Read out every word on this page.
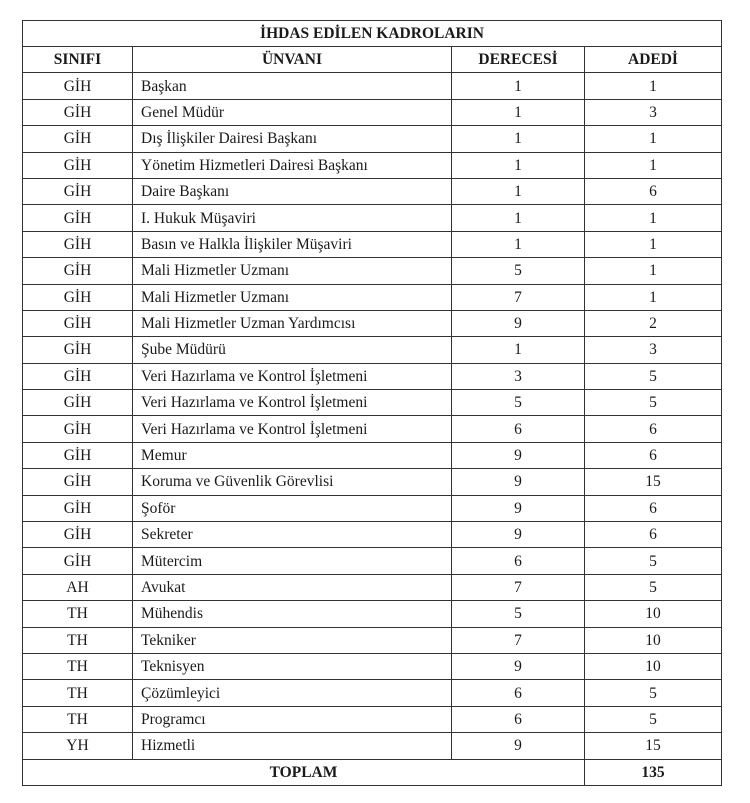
İHDAS EDİLEN KADROLARIN			
SINIFI	ÜNVANI	DERECESİ	ADEDİ
GİH	Başkan	1	1
GİH	Genel Müdür	1	3
GİH	Dış İlişkiler Dairesi Başkanı	1	1
GİH	Yönetim Hizmetleri Dairesi Başkanı	1	1
GİH	Daire Başkanı	1	6
GİH	I. Hukuk Müşaviri	1	1
GİH	Basın ve Halkla İlişkiler Müşaviri	1	1
GİH	Mali Hizmetler Uzmanı	5	1
GİH	Mali Hizmetler Uzmanı	7	1
GİH	Mali Hizmetler Uzman Yardımcısı	9	2
GİH	Şube Müdürü	1	3
GİH	Veri Hazırlama ve Kontrol İşletmeni	3	5
GİH	Veri Hazırlama ve Kontrol İşletmeni	5	5
GİH	Veri Hazırlama ve Kontrol İşletmeni	6	6
GİH	Memur	9	6
GİH	Koruma ve Güvenlik Görevlisi	9	15
GİH	Şoför	9	6
GİH	Sekreter	9	6
GİH	Mütercim	6	5
AH	Avukat	7	5
TH	Mühendis	5	10
TH	Tekniker	7	10
TH	Teknisyen	9	10
TH	Çözümleyici	6	5
TH	Programcı	6	5
YH	Hizmetli	9	15
TOPLAM			135
